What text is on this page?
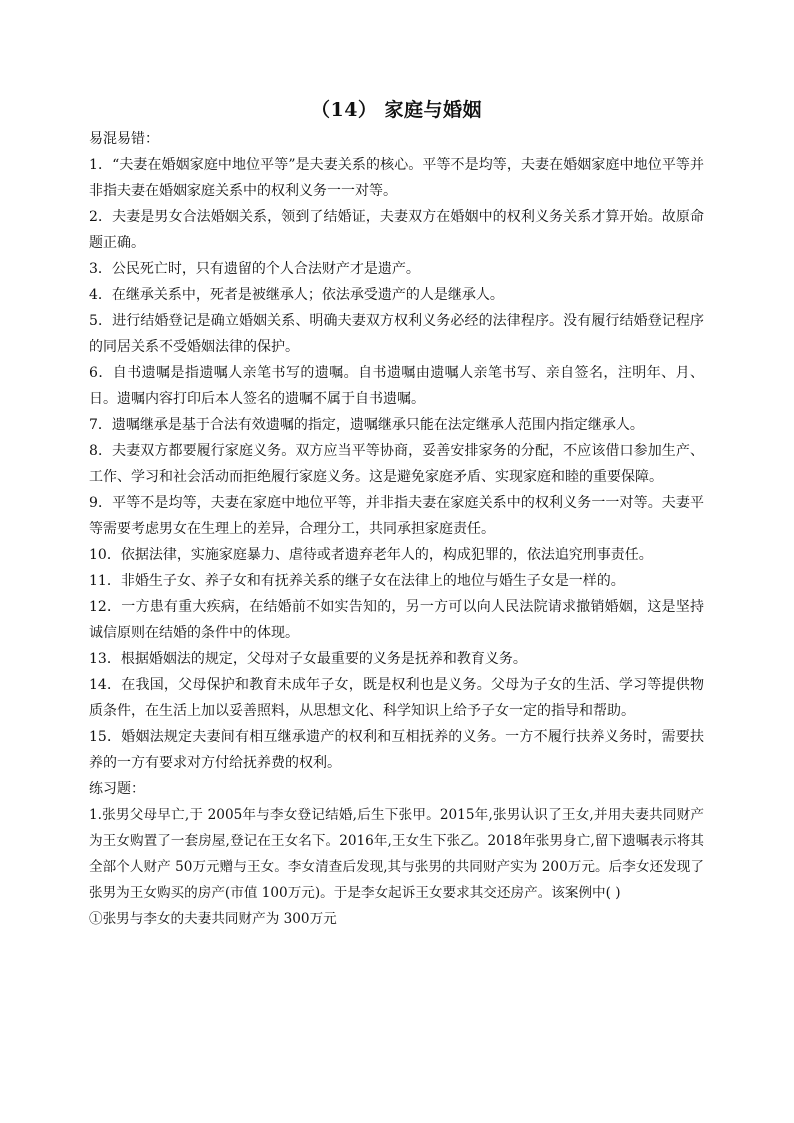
（14） 家庭与婚姻

易混易错：

1．“夫妻在婚姻家庭中地位平等”是夫妻关系的核心。平等不是均等，夫妻在婚姻家庭中地位平等并非指夫妻在婚姻家庭关系中的权利义务一一对等。

2．夫妻是男女合法婚姻关系，领到了结婚证，夫妻双方在婚姻中的权利义务关系才算开始。故原命题正确。

3．公民死亡时，只有遗留的个人合法财产才是遗产。

4．在继承关系中，死者是被继承人；依法承受遗产的人是继承人。

5．进行结婚登记是确立婚姻关系、明确夫妻双方权利义务必经的法律程序。没有履行结婚登记程序的同居关系不受婚姻法律的保护。

6．自书遗嘱是指遗嘱人亲笔书写的遗嘱。自书遗嘱由遗嘱人亲笔书写、亲自签名，注明年、月、日。遗嘱内容打印后本人签名的遗嘱不属于自书遗嘱。

7．遗嘱继承是基于合法有效遗嘱的指定，遗嘱继承只能在法定继承人范围内指定继承人。

8．夫妻双方都要履行家庭义务。双方应当平等协商，妥善安排家务的分配，不应该借口参加生产、工作、学习和社会活动而拒绝履行家庭义务。这是避免家庭矛盾、实现家庭和睦的重要保障。

9．平等不是均等，夫妻在家庭中地位平等，并非指夫妻在家庭关系中的权利义务一一对等。夫妻平等需要考虑男女在生理上的差异，合理分工，共同承担家庭责任。

10．依据法律，实施家庭暴力、虐待或者遗弃老年人的，构成犯罪的，依法追究刑事责任。

11．非婚生子女、养子女和有抚养关系的继子女在法律上的地位与婚生子女是一样的。

12．一方患有重大疾病，在结婚前不如实告知的，另一方可以向人民法院请求撤销婚姻，这是坚持诚信原则在结婚的条件中的体现。

13．根据婚姻法的规定，父母对子女最重要的义务是抚养和教育义务。

14．在我国，父母保护和教育未成年子女，既是权利也是义务。父母为子女的生活、学习等提供物质条件，在生活上加以妥善照料，从思想文化、科学知识上给予子女一定的指导和帮助。

15．婚姻法规定夫妻间有相互继承遗产的权利和互相抚养的义务。一方不履行扶养义务时，需要扶养的一方有要求对方付给抚养费的权利。

练习题：

1.张男父母早亡,于 2005年与李女登记结婚,后生下张甲。2015年,张男认识了王女,并用夫妻共同财产为王女购置了一套房屋,登记在王女名下。2016年,王女生下张乙。2018年张男身亡,留下遗嘱表示将其全部个人财产 50万元赠与王女。李女清查后发现,其与张男的共同财产实为 200万元。后李女还发现了张男为王女购买的房产(市值 100万元)。于是李女起诉王女要求其交还房产。该案例中( )

①张男与李女的夫妻共同财产为 300万元
